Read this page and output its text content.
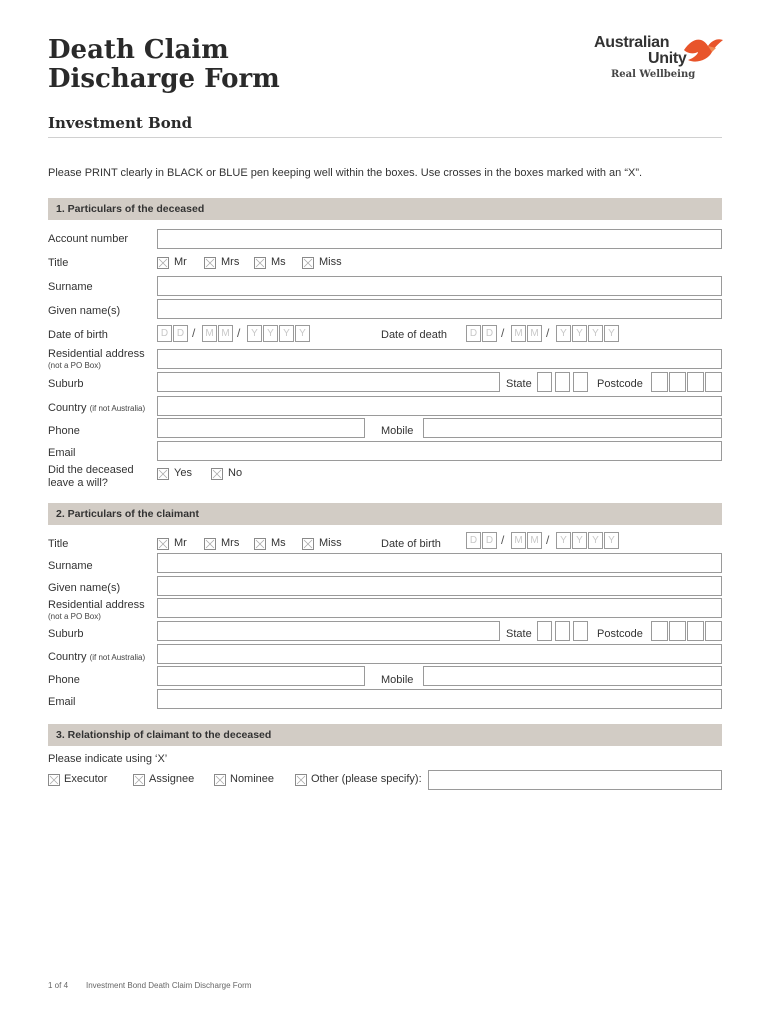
Death Claim
Discharge Form
Australian
Unity
Real Wellbeing
Investment Bond
Please PRINT clearly in BLACK or BLUE pen keeping well within the boxes. Use crosses in the boxes marked with an “X”.
1. Particulars of the deceased
Account number
Title	Mr	Mrs	Ms	Miss
Surname
Given name(s)
Date of birth	D D / M M /	Y Y Y Y	Date of death	D D / M M /	Y Y Y Y
Residential address
(not a PO Box)
Suburb	State	Postcode
Country (if not Australia)
Phone	Mobile
Email
Did the deceased
leave a will?
Yes	No
2. Particulars of the claimant
Title	Mr	Mrs	Ms	Miss	Date of birth	D D / M M /	Y Y Y Y
Surname
Given name(s)
Residential address
(not a PO Box)
Suburb	State	Postcode
Country (if not Australia)
Phone	Mobile
Email
3. Relationship of claimant to the deceased
Please indicate using ‘X’
Executor	Assignee	Nominee	Other (please specify):
1 of 4 Investment Bond Death Claim Discharge Form
